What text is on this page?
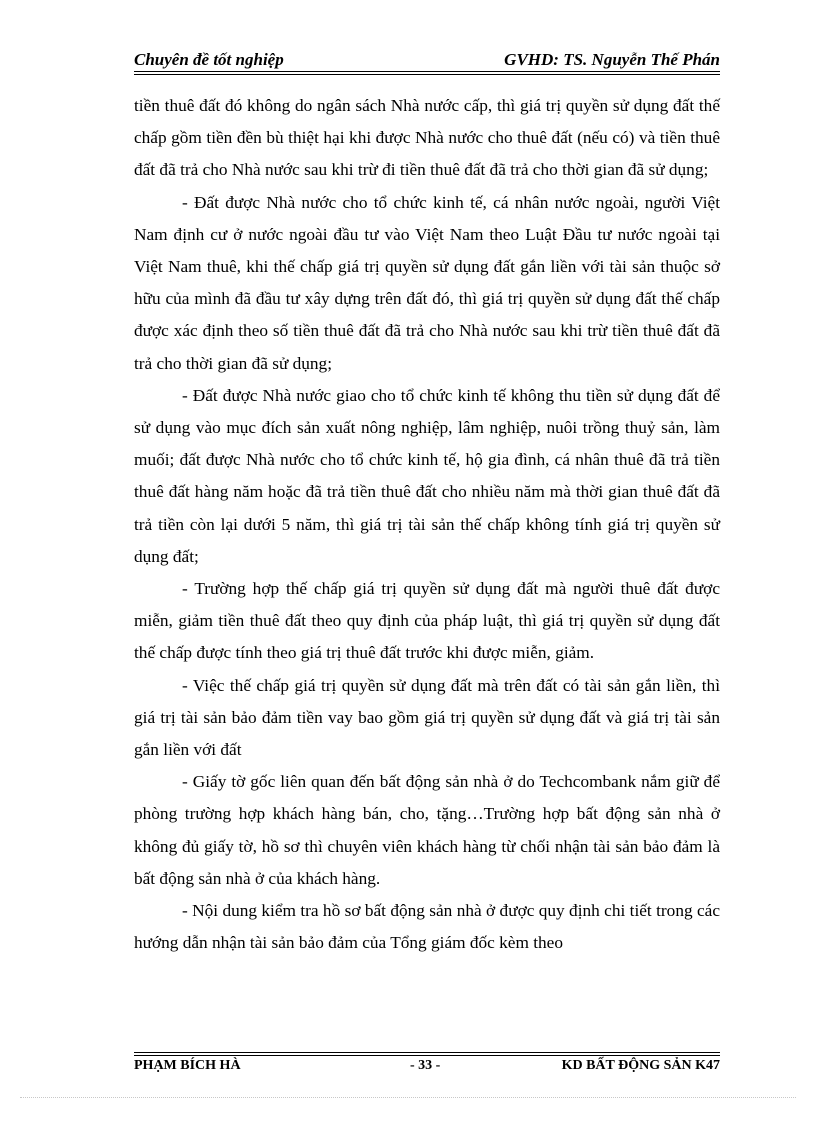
Chuyên đề tốt nghiệp	GVHD: TS. Nguyễn Thế Phán

tiền thuê đất đó không do ngân sách Nhà nước cấp, thì giá trị quyền sử dụng đất thế chấp gồm tiền đền bù thiệt hại khi được Nhà nước cho thuê đất (nếu có) và tiền thuê đất đã trả cho Nhà nước sau khi trừ đi tiền thuê đất đã trả cho thời gian đã sử dụng;

- Đất được Nhà nước cho tổ chức kinh tế, cá nhân nước ngoài, người Việt Nam định cư ở nước ngoài đầu tư vào Việt Nam theo Luật Đầu tư nước ngoài tại Việt Nam thuê, khi thế chấp giá trị quyền sử dụng đất gắn liền với tài sản thuộc sở hữu của mình đã đầu tư xây dựng trên đất đó, thì giá trị quyền sử dụng đất thế chấp được xác định theo số tiền thuê đất đã trả cho Nhà nước sau khi trừ tiền thuê đất đã trả cho thời gian đã sử dụng;

- Đất được Nhà nước giao cho tổ chức kinh tế không thu tiền sử dụng đất để sử dụng vào mục đích sản xuất nông nghiệp, lâm nghiệp, nuôi trồng thuỷ sản, làm muối; đất được Nhà nước cho tổ chức kinh tế, hộ gia đình, cá nhân thuê đã trả tiền thuê đất hàng năm hoặc đã trả tiền thuê đất cho nhiều năm mà thời gian thuê đất đã trả tiền còn lại dưới 5 năm, thì giá trị tài sản thế chấp không tính giá trị quyền sử dụng đất;

- Trường hợp thế chấp giá trị quyền sử dụng đất mà người thuê đất được miễn, giảm tiền thuê đất theo quy định của pháp luật, thì giá trị quyền sử dụng đất thế chấp được tính theo giá trị thuê đất trước khi được miễn, giảm.

- Việc thế chấp giá trị quyền sử dụng đất mà trên đất có tài sản gắn liền, thì giá trị tài sản bảo đảm tiền vay bao gồm giá trị quyền sử dụng đất và giá trị tài sản gắn liền với đất

- Giấy tờ gốc liên quan đến bất động sản nhà ở do Techcombank nắm giữ để phòng trường hợp khách hàng bán, cho, tặng…Trường hợp bất động sản nhà ở không đủ giấy tờ, hồ sơ thì chuyên viên khách hàng từ chối nhận tài sản bảo đảm là bất động sản nhà ở của khách hàng.

- Nội dung kiểm tra hồ sơ bất động sản nhà ở được quy định chi tiết trong các hướng dẫn nhận tài sản bảo đảm của Tổng giám đốc kèm theo

PHẠM BÍCH HÀ	- 33 -	KD BẤT ĐỘNG SẢN K47
